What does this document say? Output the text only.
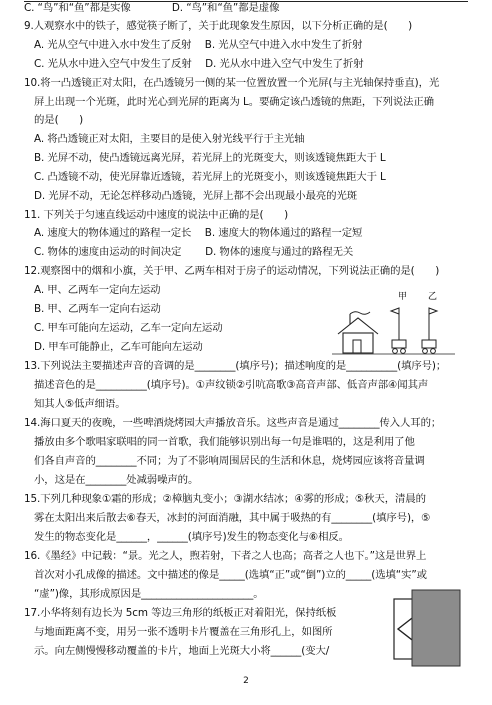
C. “鸟”和“鱼”都是实像　　　　D. “鸟”和“鱼”都是虚像
9.人观察水中的铁子，感觉筷子断了，关于此现象发生原因，以下分析正确的是(　　)
A. 光从空气中进入水中发生了反射　 B. 光从空气中进入水中发生了折射
C. 光从水中进入空气中发生了反射　 D. 光从水中进入空气中发生了折射
10.将一凸透镜正对太阳，在凸透镜另一侧的某一位置放置一个光屏(与主光轴保持垂直)，光
屏上出现一个光斑，此时光心到光屏的距离为 L。要确定该凸透镜的焦距，下列说法正确
的是(　　)
A. 将凸透镜正对太阳，主要目的是使入射光线平行于主光轴
B. 光屏不动，使凸透镜远离光屏，若光屏上的光斑变大，则该透镜焦距大于 L
C. 凸透镜不动，使光屏靠近透镜，若光屏上的光斑变小，则该透镜焦距大于 L
D. 光屏不动，无论怎样移动凸透镜，光屏上都不会出现最小最亮的光斑
11. 下列关于匀速直线运动中速度的说法中正确的是(　　)
A. 速度大的物体通过的路程一定长　 B. 速度大的物体通过的路程一定短
C. 物体的速度由运动的时间决定　　 D. 物体的速度与通过的路程无关
12.观察图中的烟和小旗，关于甲、乙两车相对于房子的运动情况，下列说法正确的是(　　)
A. 甲、乙两车一定向左运动
B. 甲、乙两车一定向右运动
C. 甲车可能向左运动，乙车一定向左运动
D. 甲车可能静止，乙车可能向左运动
13.下列说法主要描述声音的音调的是________(填序号)；描述响度的是__________(填序号)；
描述音色的是__________(填序号)。①声纹锁②引吭高歌③高音声部、低音声部④闻其声
知其人⑤低声细语。
14.海口夏天的夜晚，一些啤酒烧烤园大声播放音乐。这些声音是通过________传入人耳的；
播放由多个歌唱家联唱的同一首歌，我们能够识别出每一句是谁唱的，这是利用了他
们各自声音的________不同；为了不影响周围居民的生活和休息，烧烤园应该将音量调
小，这是在________处减弱噪声的。
15.下列几种现象①霜的形成；②樟脑丸变小；③湖水结冰；④雾的形成；⑤秋天，清晨的
雾在太阳出来后散去⑥春天，冰封的河面消融，其中属于吸热的有________(填序号)，⑤
发生的物态变化是______，______(填序号)发生的物态变化与⑥相反。
16.《墨经》中记载：“景。光之人，煦若射，下者之人也高；高者之人也下。”这是世界上
首次对小孔成像的描述。文中描述的像是_____(选填“正”或“倒”)立的_____(选填“实”或
“虚”)像，其形成原因是______________________。
17.小华将刻有边长为 5cm 等边三角形的纸板正对着阳光，保持纸板
与地面距离不变，用另一张不透明卡片覆盖在三角形孔上，如图所
示。向左侧慢慢移动覆盖的卡片，地面上光斑大小将______(变大/
甲 乙
2
